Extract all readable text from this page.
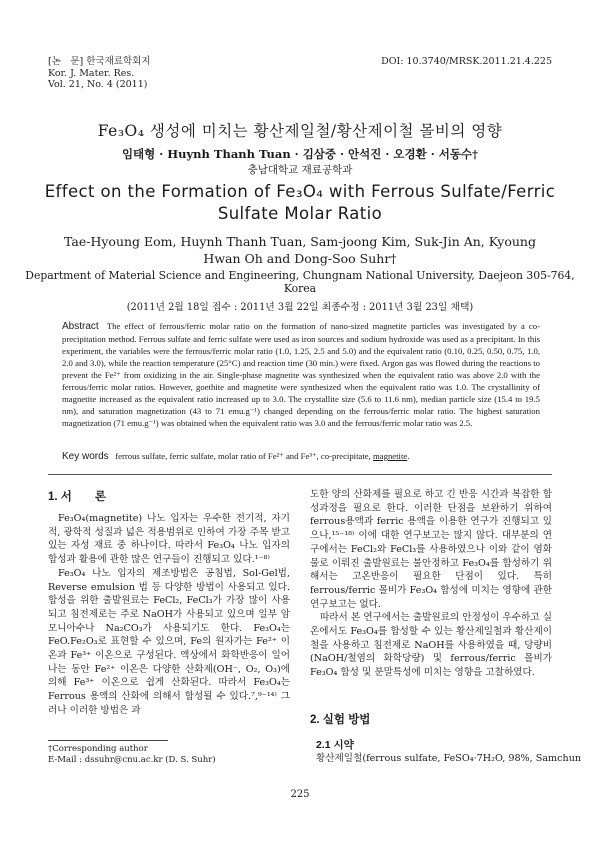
[논　문] 한국재료학회지
Kor. J. Mater. Res.
Vol. 21, No. 4 (2011)
DOI: 10.3740/MRSK.2011.21.4.225
Fe₃O₄ 생성에 미치는 황산제일철/황산제이철 몰비의 영향
임태형 · Huynh Thanh Tuan · 김삼중 · 안석진 · 오경환 · 서동수†
충남대학교 재료공학과
Effect on the Formation of Fe₃O₄ with Ferrous Sulfate/Ferric Sulfate Molar Ratio
Tae-Hyoung Eom, Huynh Thanh Tuan, Sam-joong Kim, Suk-Jin An, Kyoung Hwan Oh and Dong-Soo Suhr†
Department of Material Science and Engineering, Chungnam National University, Daejeon 305-764, Korea
(2011년 2월 18일 접수 : 2011년 3월 22일 최종수정 : 2011년 3월 23일 채택)
Abstract The effect of ferrous/ferric molar ratio on the formation of nano-sized magnetite particles was investigated by a co-precipitation method. Ferrous sulfate and ferric sulfate were used as iron sources and sodium hydroxide was used as a precipitant. In this experiment, the variables were the ferrous/ferric molar ratio (1.0, 1.25, 2.5 and 5.0) and the equivalent ratio (0.10, 0.25, 0.50, 0.75, 1.0, 2.0 and 3.0), while the reaction temperature (25°C) and reaction time (30 min.) were fixed. Argon gas was flowed during the reactions to prevent the Fe²⁺ from oxidizing in the air. Single-phase magnetite was synthesized when the equivalent ratio was above 2.0 with the ferrous/ferric molar ratios. However, goethite and magnetite were synthesized when the equivalent ratio was 1.0. The crystallinity of magnetite increased as the equivalent ratio increased up to 3.0. The crystallite size (5.6 to 11.6 nm), median particle size (15.4 to 19.5 nm), and saturation magnetization (43 to 71 emu.g⁻¹) changed depending on the ferrous/ferric molar ratio. The highest saturation magnetization (71 emu.g⁻¹) was obtained when the equivalent ratio was 3.0 and the ferrous/ferric molar ratio was 2.5.
Key words ferrous sulfate, ferric sulfate, molar ratio of Fe²⁺ and Fe³⁺, co-precipitate, magnetite.
1. 서　　론

Fe₃O₄(magnetite) 나노 입자는 우수한 전기적, 자기적, 광학적 성질과 넓은 적용범위로 인하여 가장 주목 받고 있는 자성 재료 중 하나이다. 따라서 Fe₃O₄ 나노 입자의 합성과 활용에 관한 많은 연구들이 진행되고 있다.¹⁻⁸⁾

Fe₃O₄ 나노 입자의 제조방법은 공침법, Sol-Gel법, Reverse emulsion 법 등 다양한 방법이 사용되고 있다. 합성을 위한 출발원료는 FeCl₂, FeCl₃가 가장 많이 사용되고 침전제로는 주로 NaOH가 사용되고 있으며 일부 암모니아수나 Na₂CO₃가 사용되기도 한다. Fe₃O₄는 FeO.Fe₂O₃로 표현할 수 있으며, Fe의 원자가는 Fe²⁺ 이온과 Fe³⁺ 이온으로 구성된다. 액상에서 화학반응이 일어나는 동안 Fe²⁺ 이온은 다양한 산화제(OH⁻, O₂, O₃)에 의해 Fe³⁺ 이온으로 쉽게 산화된다. 따라서 Fe₃O₄는 Ferrous 용액의 산화에 의해서 합성될 수 있다.⁷,⁹⁻¹⁴⁾ 그러나 이러한 방법은 과

도한 양의 산화제를 필요로 하고 긴 반응 시간과 복잡한 합성과정을 필요로 한다. 이러한 단점을 보완하기 위하여 ferrous용액과 ferric 용액을 이용한 연구가 진행되고 있으나,¹⁵⁻¹⁸⁾ 이에 대한 연구보고는 많지 않다. 대부분의 연구에서는 FeCl₂와 FeCl₃를 사용하였으나 이와 같이 염화물로 이뤄진 출발원료는 불안정하고 Fe₃O₄를 합성하기 위해서는 고온반응이 필요한 단점이 있다. 특히 ferrous/ferric 몰비가 Fe₃O₄ 합성에 미치는 영향에 관한 연구보고는 없다.

따라서 본 연구에서는 출발원료의 안정성이 우수하고 실온에서도 Fe₃O₄를 합성할 수 있는 황산제일철과 황산제이철을 사용하고 침전제로 NaOH를 사용하였을 때, 당량비(NaOH/철염의 화학당량) 및 ferrous/ferric 몰비가 Fe₃O₄ 합성 및 분말특성에 미치는 영향을 고찰하였다.

2. 실험 방법
2.1 시약
황산제일철(ferrous sulfate, FeSO₄·7H₂O, 98%, Samchun
†Corresponding author
E-Mail : dssuhr@cnu.ac.kr (D. S. Suhr)
225
